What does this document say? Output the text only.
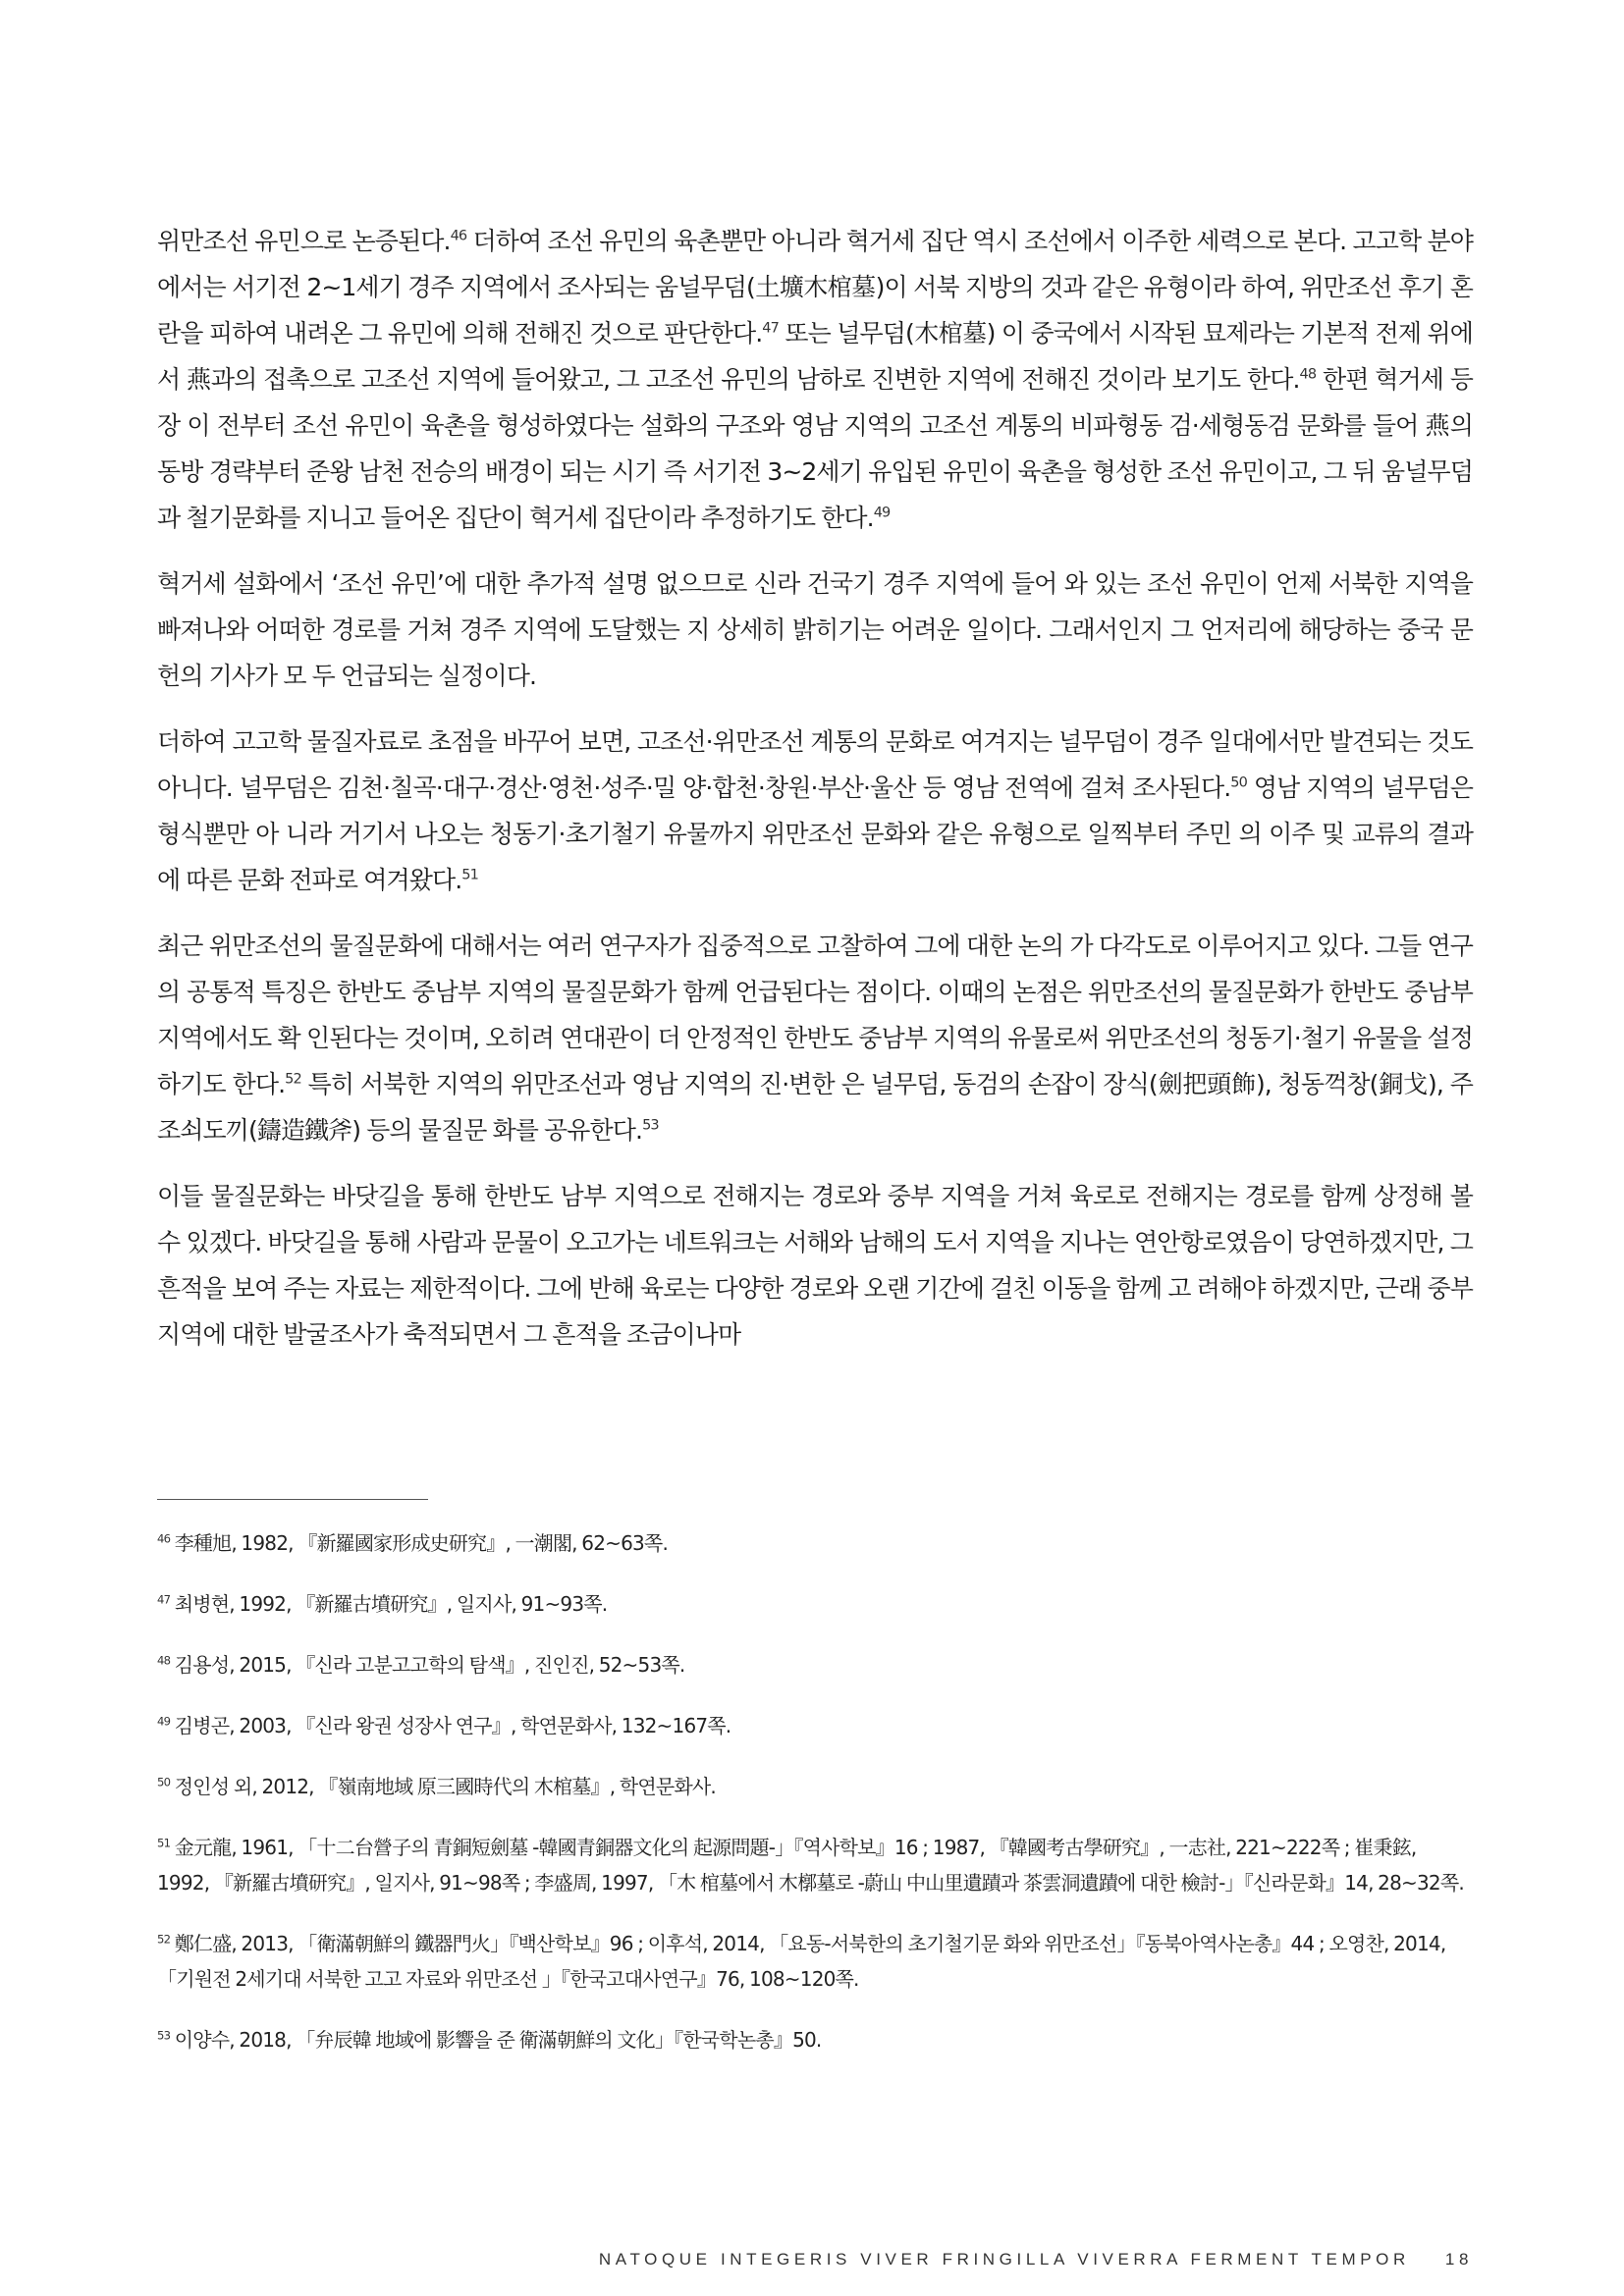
위만조선 유민으로 논증된다.$^{46}$ 더하여 조선 유민의 육촌뿐만 아니라 혁거세 집단 역시 조선에서 이주한 세력으로 본다. 고고학 분야에서는 서기전 2~1세기 경주 지역에서 조사되는 움널무덤(土壙木棺墓)이 서북 지방의 것과 같은 유형이라 하여, 위만조선 후기 혼란을 피하여 내려온 그 유민에 의해 전해진 것으로 판단한다.$^{47}$ 또는 널무덤(木棺墓) 이 중국에서 시작된 묘제라는 기본적 전제 위에서 燕과의 접촉으로 고조선 지역에 들어왔고, 그 고조선 유민의 남하로 진변한 지역에 전해진 것이라 보기도 한다.$^{48}$ 한편 혁거세 등장 이 전부터 조선 유민이 육촌을 형성하였다는 설화의 구조와 영남 지역의 고조선 계통의 비파형동 검·세형동검 문화를 들어 燕의 동방 경략부터 준왕 남천 전승의 배경이 되는 시기 즉 서기전 3~2세기 유입된 유민이 육촌을 형성한 조선 유민이고, 그 뒤 움널무덤과 철기문화를 지니고 들어온 집단이 혁거세 집단이라 추정하기도 한다.$^{49}$

혁거세 설화에서 ‘조선 유민’에 대한 추가적 설명 없으므로 신라 건국기 경주 지역에 들어 와 있는 조선 유민이 언제 서북한 지역을 빠져나와 어떠한 경로를 거쳐 경주 지역에 도달했는 지 상세히 밝히기는 어려운 일이다. 그래서인지 그 언저리에 해당하는 중국 문헌의 기사가 모 두 언급되는 실정이다.

더하여 고고학 물질자료로 초점을 바꾸어 보면, 고조선·위만조선 계통의 문화로 여겨지는 널무덤이 경주 일대에서만 발견되는 것도 아니다. 널무덤은 김천·칠곡·대구·경산·영천·성주·밀 양·합천·창원·부산·울산 등 영남 전역에 걸쳐 조사된다.$^{50}$ 영남 지역의 널무덤은 형식뿐만 아 니라 거기서 나오는 청동기·초기철기 유물까지 위만조선 문화와 같은 유형으로 일찍부터 주민 의 이주 및 교류의 결과에 따른 문화 전파로 여겨왔다.$^{51}$

최근 위만조선의 물질문화에 대해서는 여러 연구자가 집중적으로 고찰하여 그에 대한 논의 가 다각도로 이루어지고 있다. 그들 연구의 공통적 특징은 한반도 중남부 지역의 물질문화가 함께 언급된다는 점이다. 이때의 논점은 위만조선의 물질문화가 한반도 중남부 지역에서도 확 인된다는 것이며, 오히려 연대관이 더 안정적인 한반도 중남부 지역의 유물로써 위만조선의 청동기·철기 유물을 설정하기도 한다.$^{52}$ 특히 서북한 지역의 위만조선과 영남 지역의 진·변한 은 널무덤, 동검의 손잡이 장식(劍把頭飾), 청동꺽창(銅戈), 주조쇠도끼(鑄造鐵斧) 등의 물질문 화를 공유한다.$^{53}$

이들 물질문화는 바닷길을 통해 한반도 남부 지역으로 전해지는 경로와 중부 지역을 거쳐 육로로 전해지는 경로를 함께 상정해 볼 수 있겠다. 바닷길을 통해 사람과 문물이 오고가는 네트워크는 서해와 남해의 도서 지역을 지나는 연안항로였음이 당연하겠지만, 그 흔적을 보여 주는 자료는 제한적이다. 그에 반해 육로는 다양한 경로와 오랜 기간에 걸친 이동을 함께 고 려해야 하겠지만, 근래 중부지역에 대한 발굴조사가 축적되면서 그 흔적을 조금이나마

$^{46}$ 李種旭, 1982, 『新羅國家形成史研究』, 一潮閣, 62~63쪽.
$^{47}$ 최병현, 1992, 『新羅古墳研究』, 일지사, 91~93쪽.
$^{48}$ 김용성, 2015, 『신라 고분고고학의 탐색』, 진인진, 52~53쪽.
$^{49}$ 김병곤, 2003, 『신라 왕권 성장사 연구』, 학연문화사, 132~167쪽.
$^{50}$ 정인성 외, 2012, 『嶺南地域 原三國時代의 木棺墓』, 학연문화사.
$^{51}$ 金元龍, 1961, 「十二台營子의 青銅短劍墓 -韓國青銅器文化의 起源問題-」『역사학보』16 ; 1987, 『韓國考古學研究』, 一志社, 221~222쪽 ; 崔秉鉉, 1992, 『新羅古墳研究』, 일지사, 91~98쪽 ; 李盛周, 1997, 「木 棺墓에서 木槨墓로 -蔚山 中山里遺蹟과 茶雲洞遺蹟에 대한 檢討-」『신라문화』14, 28~32쪽.
$^{52}$ 鄭仁盛, 2013, 「衛滿朝鮮의 鐵器門火」『백산학보』96 ; 이후석, 2014, 「요동-서북한의 초기철기문 화와 위만조선」『동북아역사논총』44 ; 오영찬, 2014, 「기원전 2세기대 서북한 고고 자료와 위만조선 」『한국고대사연구』76, 108~120쪽.
$^{53}$ 이양수, 2018, 「弁辰韓 地域에 影響을 준 衛滿朝鮮의 文化」『한국학논총』50.
NATOQUE INTEGERIS VIVER FRINGILLA VIVERRA FERMENT TEMPOR 18
